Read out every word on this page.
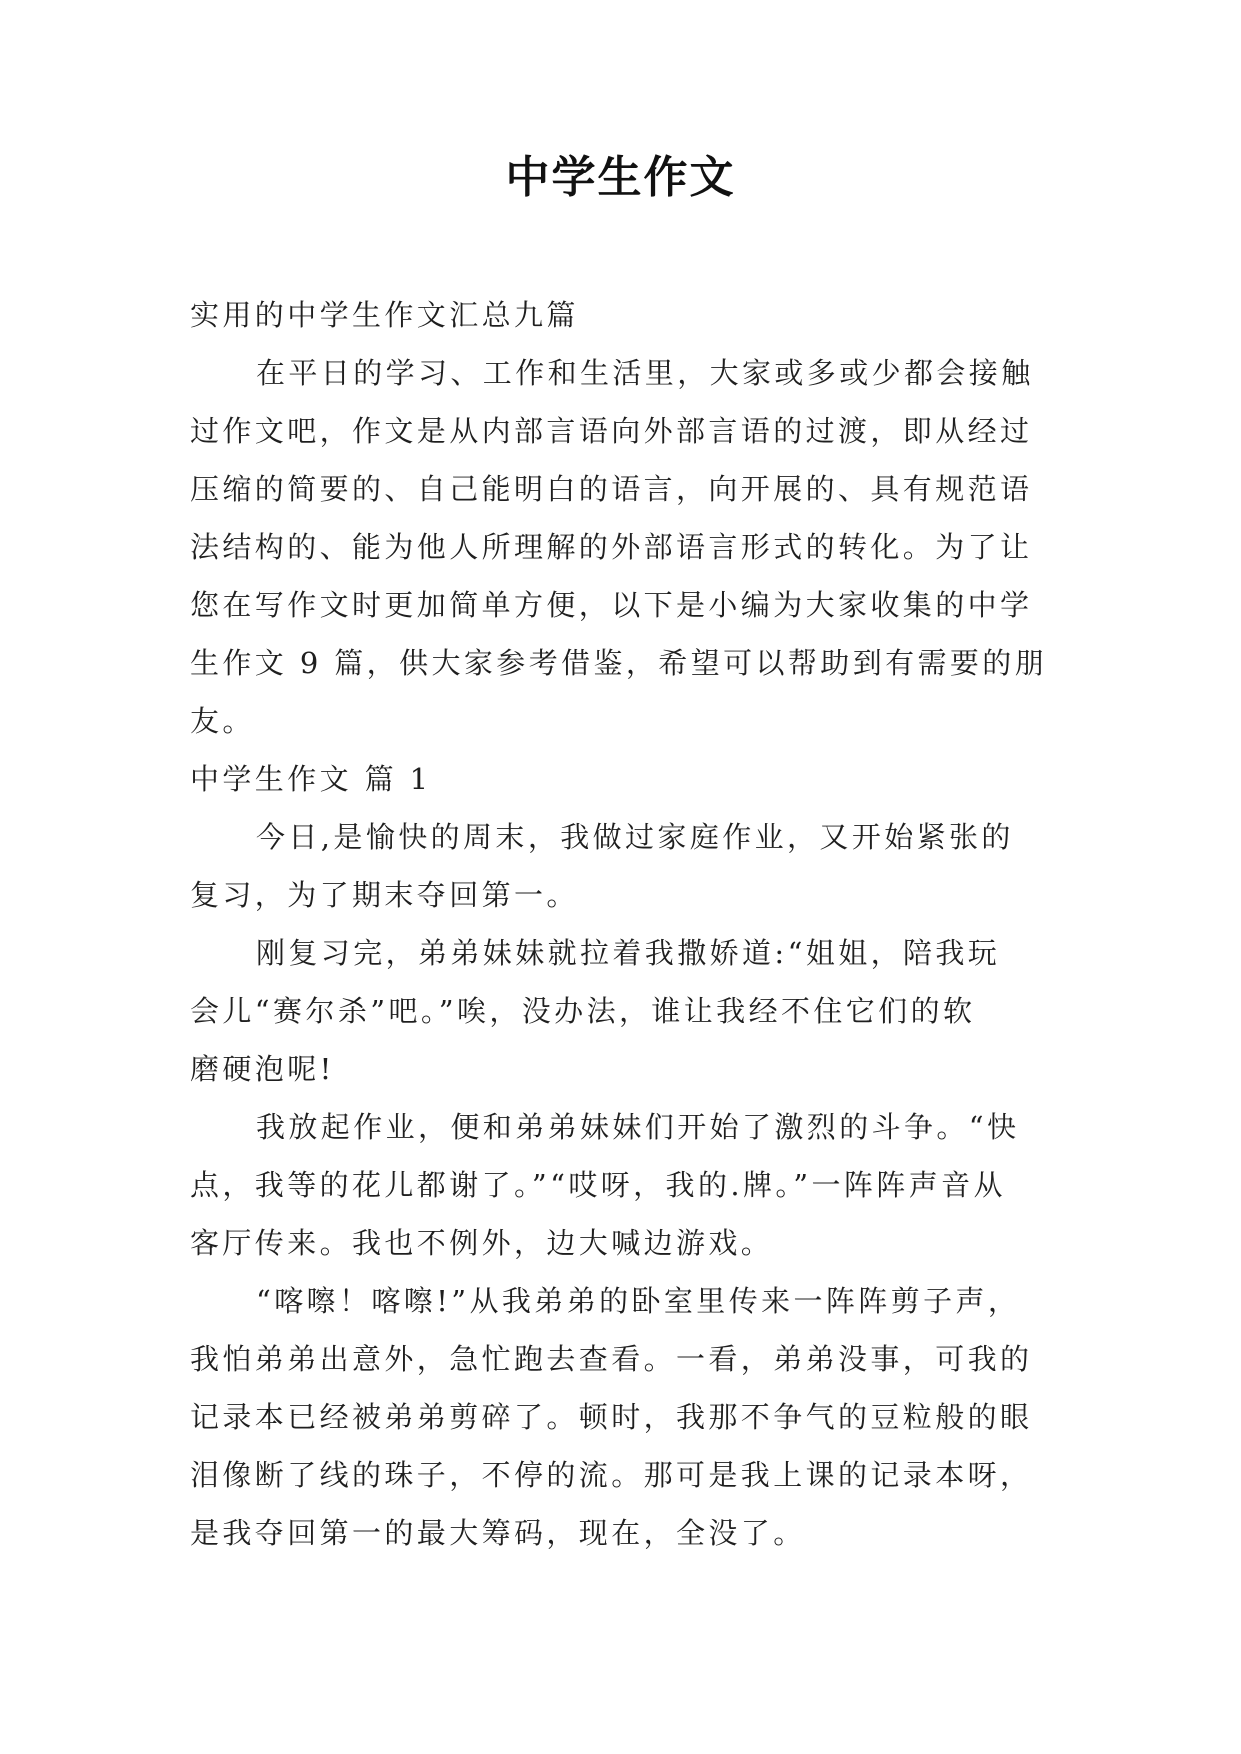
中学生作文
实用的中学生作文汇总九篇
在平日的学习、工作和生活里，大家或多或少都会接触
过作文吧，作文是从内部言语向外部言语的过渡，即从经过
压缩的简要的、自己能明白的语言，向开展的、具有规范语
法结构的、能为他人所理解的外部语言形式的转化。为了让
您在写作文时更加简单方便，以下是小编为大家收集的中学
生作文 9 篇，供大家参考借鉴，希望可以帮助到有需要的朋
友。
中学生作文 篇 1
今日,是愉快的周末，我做过家庭作业，又开始紧张的
复习，为了期末夺回第一。
刚复习完，弟弟妹妹就拉着我撒娇道:“姐姐，陪我玩
会儿“赛尔杀”吧。”唉，没办法，谁让我经不住它们的软
磨硬泡呢!
我放起作业，便和弟弟妹妹们开始了激烈的斗争。“快
点，我等的花儿都谢了。”“哎呀，我的.牌。”一阵阵声音从
客厅传来。我也不例外，边大喊边游戏。
“喀嚓！喀嚓!”从我弟弟的卧室里传来一阵阵剪子声，
我怕弟弟出意外，急忙跑去查看。一看，弟弟没事，可我的
记录本已经被弟弟剪碎了。顿时，我那不争气的豆粒般的眼
泪像断了线的珠子，不停的流。那可是我上课的记录本呀，
是我夺回第一的最大筹码，现在，全没了。
